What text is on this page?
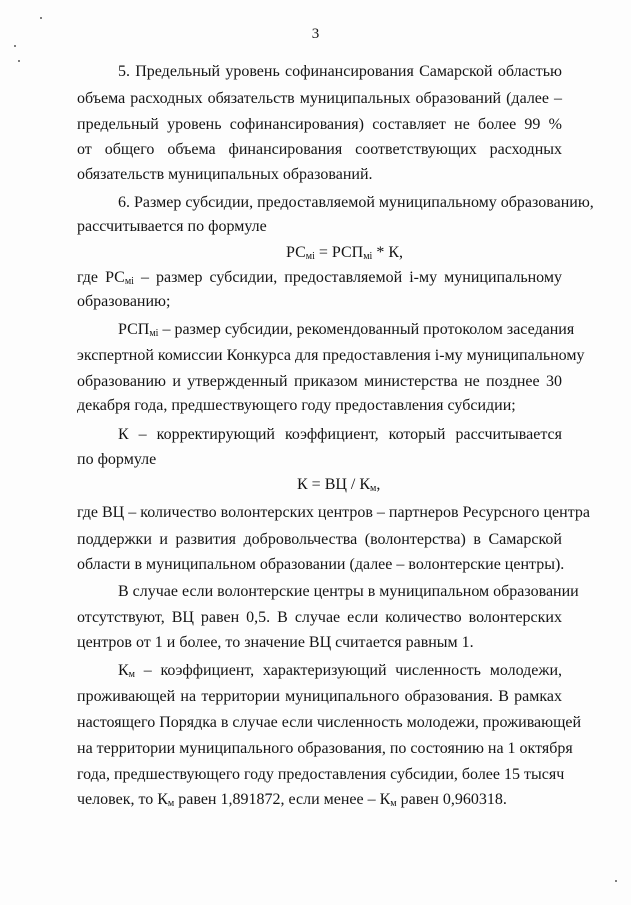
3
5. Предельный уровень софинансирования Самарской областью
объема расходных обязательств муниципальных образований (далее –
предельный уровень софинансирования) составляет не более 99 %
от общего объема финансирования соответствующих расходных
обязательств муниципальных образований.
6. Размер субсидии, предоставляемой муниципальному образованию,
рассчитывается по формуле
$РС_{мi} = РСП_{мi} * К$,
где $РС_{мi}$ – размер субсидии, предоставляемой i-му муниципальному
образованию;
$РСП_{мi}$ – размер субсидии, рекомендованный протоколом заседания
экспертной комиссии Конкурса для предоставления i-му муниципальному
образованию и утвержденный приказом министерства не позднее 30
декабря года, предшествующего году предоставления субсидии;
К – корректирующий коэффициент, который рассчитывается
по формуле
К = ВЦ / $К_м$,
где ВЦ – количество волонтерских центров – партнеров Ресурсного центра
поддержки и развития добровольчества (волонтерства) в Самарской
области в муниципальном образовании (далее – волонтерские центры).
В случае если волонтерские центры в муниципальном образовании
отсутствуют, ВЦ равен 0,5. В случае если количество волонтерских
центров от 1 и более, то значение ВЦ считается равным 1.
$К_м$ – коэффициент, характеризующий численность молодежи,
проживающей на территории муниципального образования. В рамках
настоящего Порядка в случае если численность молодежи, проживающей
на территории муниципального образования, по состоянию на 1 октября
года, предшествующего году предоставления субсидии, более 15 тысяч
человек, то $К_м$ равен 1,891872, если менее – $К_м$ равен 0,960318.
